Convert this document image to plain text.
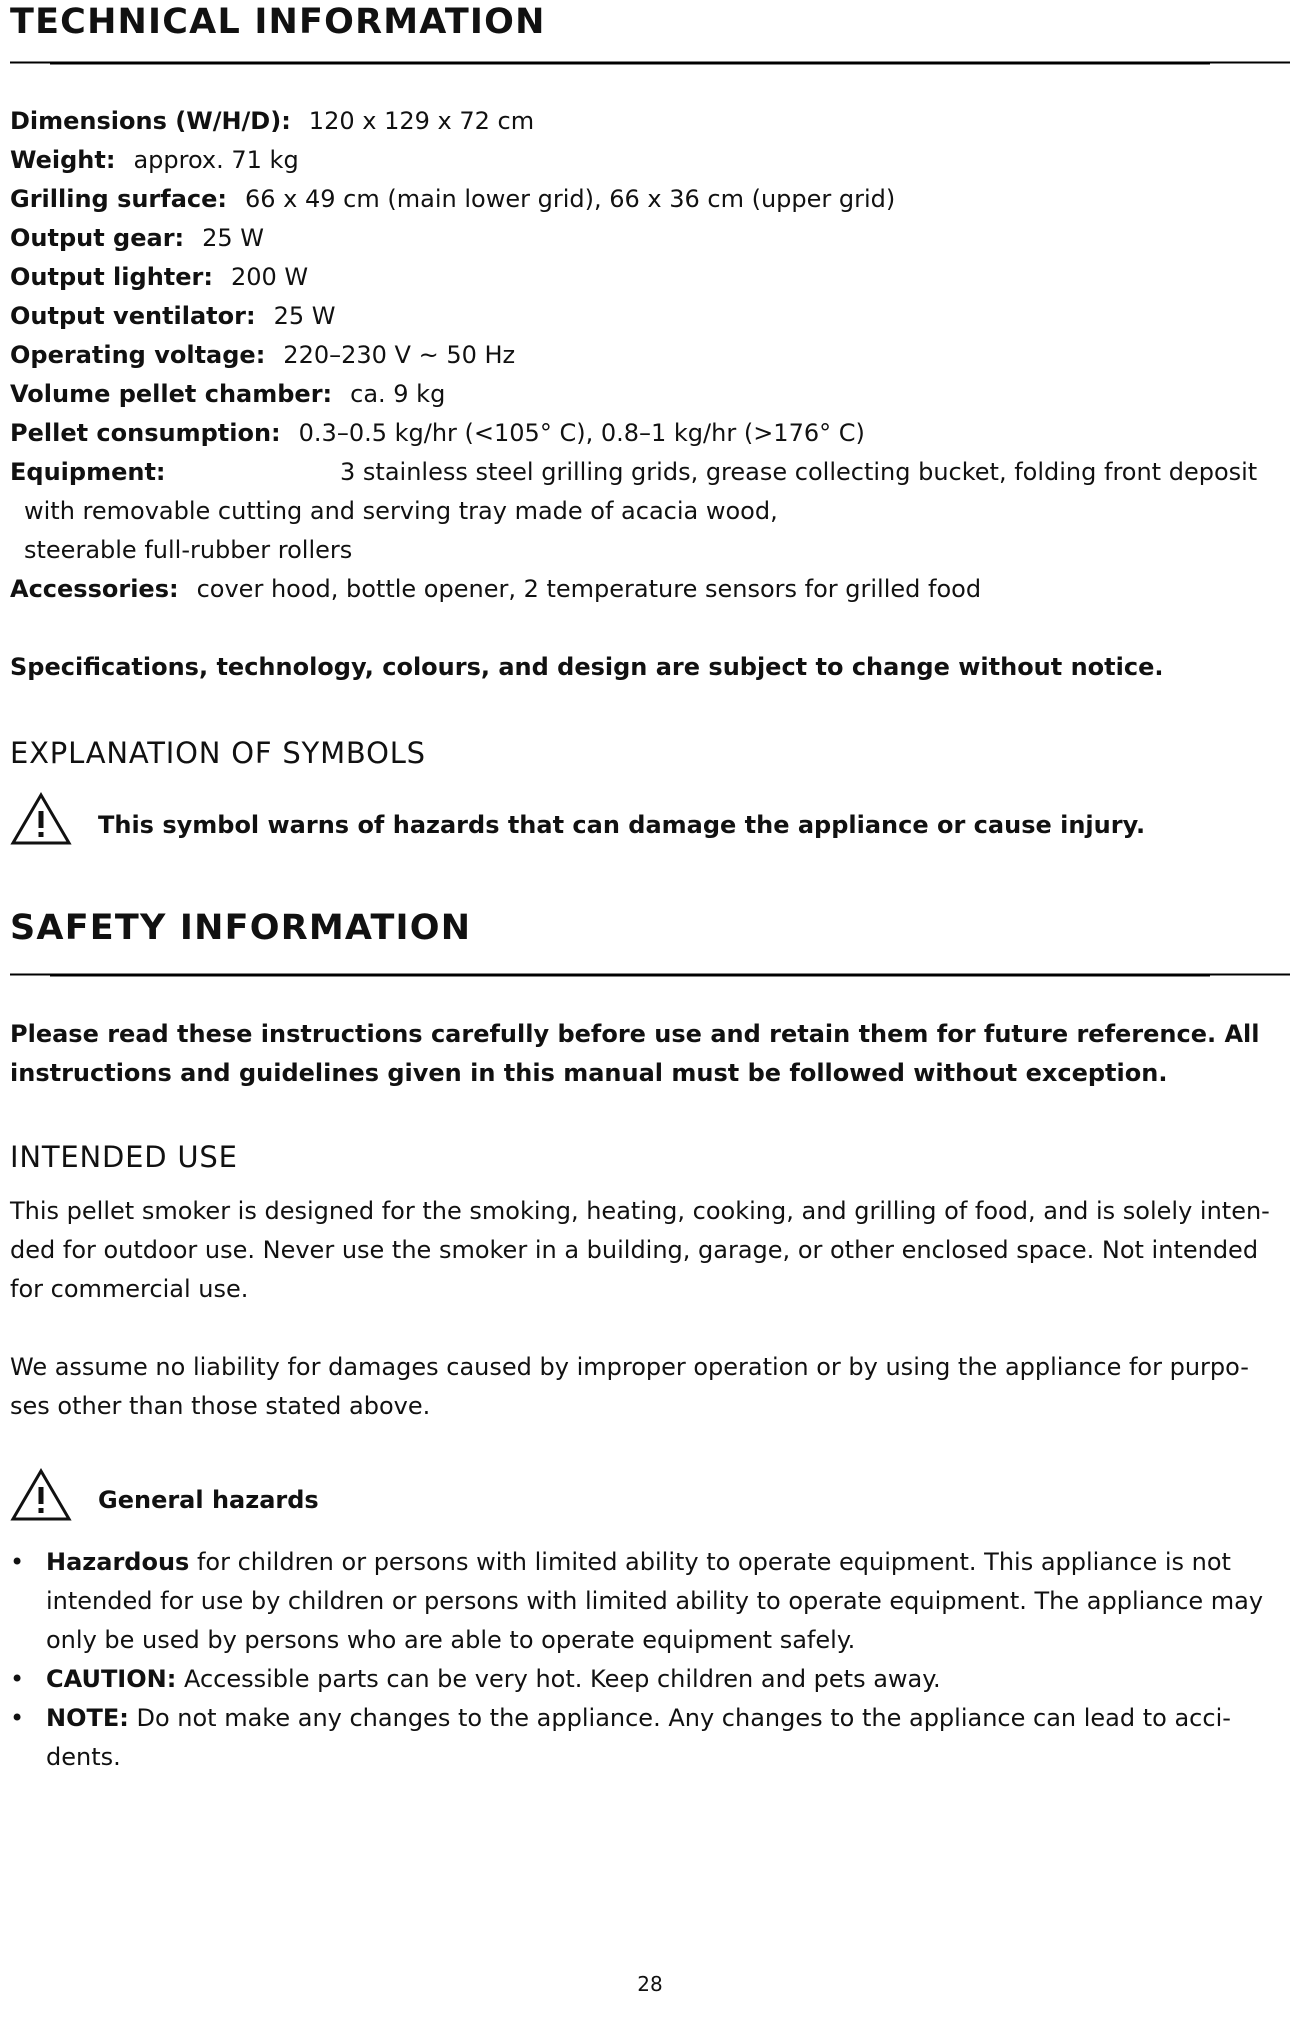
TECHNICAL INFORMATION
Dimensions (W/H/D): 120 x 129 x 72 cm
Weight: approx. 71 kg
Grilling surface: 66 x 49 cm (main lower grid), 66 x 36 cm (upper grid)
Output gear: 25 W
Output lighter: 200 W
Output ventilator: 25 W
Operating voltage: 220–230 V ~ 50 Hz
Volume pellet chamber: ca. 9 kg
Pellet consumption: 0.3–0.5 kg/hr (<105° C), 0.8–1 kg/hr (>176° C)
Equipment:	3 stainless steel grilling grids, grease collecting bucket, folding front deposit
with removable cutting and serving tray made of acacia wood,
steerable full-rubber rollers
Accessories: cover hood, bottle opener, 2 temperature sensors for grilled food
Specifications, technology, colours, and design are subject to change without notice.
EXPLANATION OF SYMBOLS
This symbol warns of hazards that can damage the appliance or cause injury.
SAFETY INFORMATION
Please read these instructions carefully before use and retain them for future reference. All instructions and guidelines given in this manual must be followed without exception.
INTENDED USE
This pellet smoker is designed for the smoking, heating, cooking, and grilling of food, and is solely inten-ded for outdoor use. Never use the smoker in a building, garage, or other enclosed space. Not intended for commercial use.
We assume no liability for damages caused by improper operation or by using the appliance for purpo-ses other than those stated above.
General hazards
• Hazardous for children or persons with limited ability to operate equipment. This appliance is not intended for use by children or persons with limited ability to operate equipment. The appliance may only be used by persons who are able to operate equipment safely.
• CAUTION: Accessible parts can be very hot. Keep children and pets away.
• NOTE: Do not make any changes to the appliance. Any changes to the appliance can lead to acci-dents.
28
